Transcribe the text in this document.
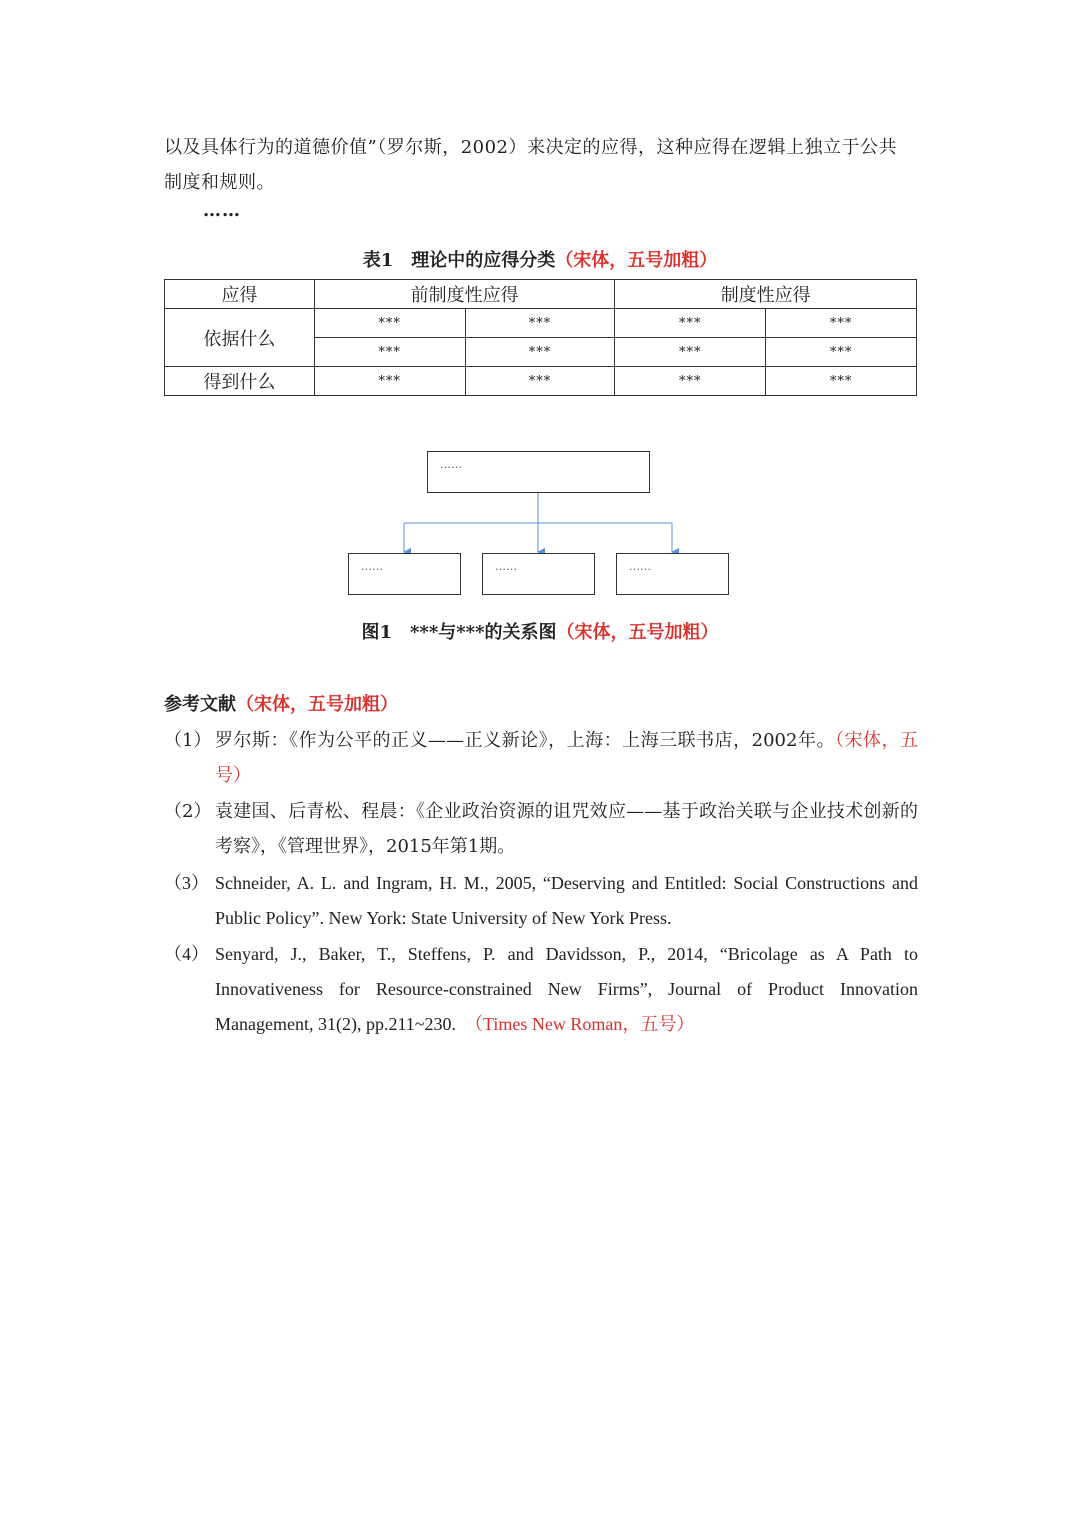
以及具体行为的道德价值”（罗尔斯，2002）来决定的应得，这种应得在逻辑上独立于公共
制度和规则。
……
表1　理论中的应得分类（宋体，五号加粗）
应得	前制度性应得		制度性应得	
依据什么	***	***	***	***
	***	***	***	***
得到什么	***	***	***	***
……
……	……	……
图1　***与***的关系图（宋体，五号加粗）
参考文献（宋体，五号加粗）
（1） 罗尔斯：《作为公平的正义——正义新论》，上海：上海三联书店，2002年。（宋体，五号）
（2） 袁建国、后青松、程晨：《企业政治资源的诅咒效应——基于政治关联与企业技术创新的考察》，《管理世界》，2015年第1期。
（3） Schneider, A. L. and Ingram, H. M., 2005, “Deserving and Entitled: Social Constructions and Public Policy”. New York: State University of New York Press.
（4） Senyard, J., Baker, T., Steffens, P. and Davidsson, P., 2014, “Bricolage as A Path to Innovativeness for Resource-constrained New Firms”, Journal of Product Innovation Management, 31(2), pp.211~230.　 （Times New Roman，五号）
